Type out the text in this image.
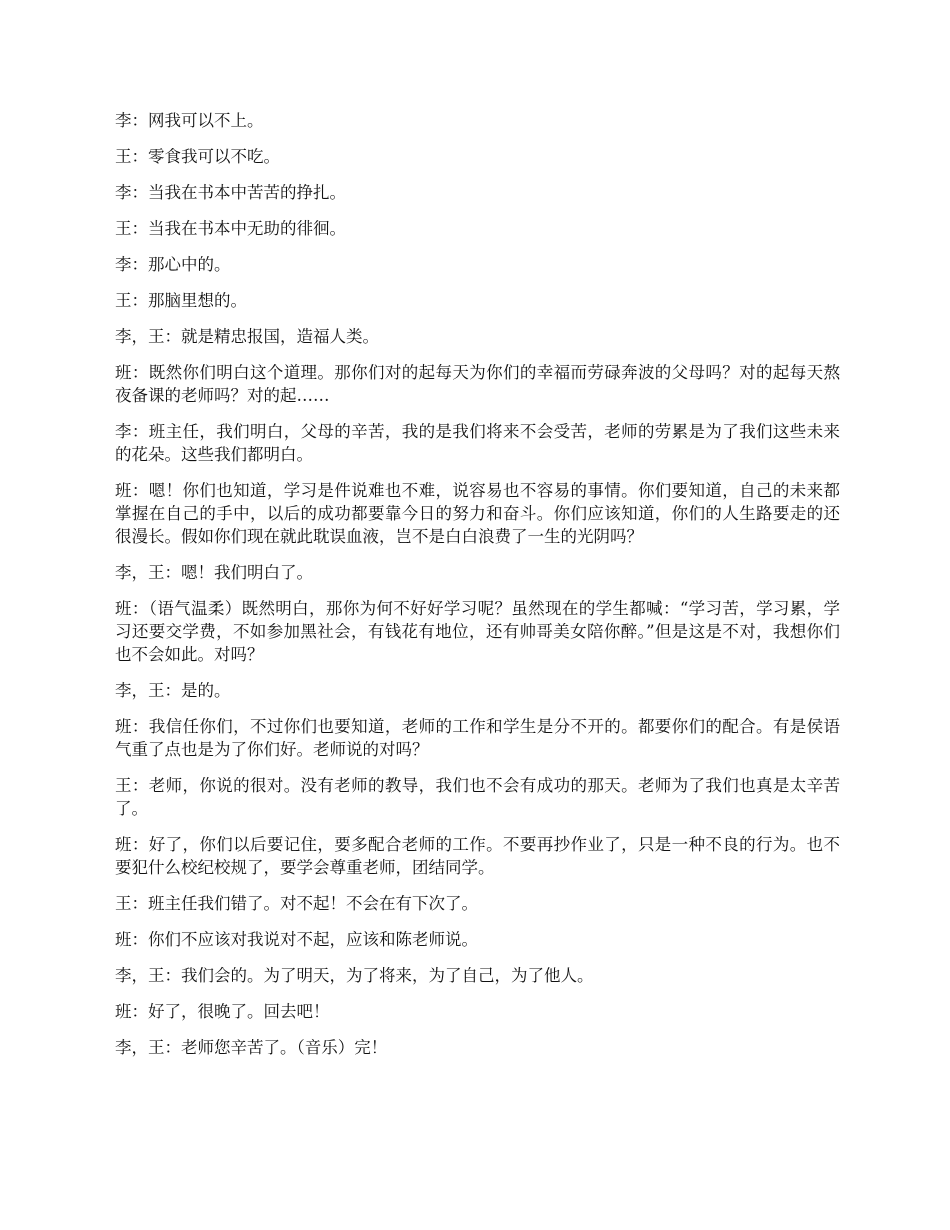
李：网我可以不上。

王：零食我可以不吃。

李：当我在书本中苦苦的挣扎。

王：当我在书本中无助的徘徊。

李：那心中的。

王：那脑里想的。

李，王：就是精忠报国，造福人类。

班：既然你们明白这个道理。那你们对的起每天为你们的幸福而劳碌奔波的父母吗？对的起每天熬夜备课的老师吗？对的起……

李：班主任，我们明白，父母的辛苦，我的是我们将来不会受苦，老师的劳累是为了我们这些未来的花朵。这些我们都明白。

班：嗯！你们也知道，学习是件说难也不难，说容易也不容易的事情。你们要知道，自己的未来都掌握在自己的手中，以后的成功都要靠今日的努力和奋斗。你们应该知道，你们的人生路要走的还很漫长。假如你们现在就此耽误血液，岂不是白白浪费了一生的光阴吗？

李，王：嗯！我们明白了。

班：（语气温柔）既然明白，那你为何不好好学习呢？虽然现在的学生都喊：“学习苦，学习累，学习还要交学费，不如参加黑社会，有钱花有地位，还有帅哥美女陪你醉。”但是这是不对，我想你们也不会如此。对吗？

李，王：是的。

班：我信任你们，不过你们也要知道，老师的工作和学生是分不开的。都要你们的配合。有是侯语气重了点也是为了你们好。老师说的对吗？

王：老师，你说的很对。没有老师的教导，我们也不会有成功的那天。老师为了我们也真是太辛苦了。

班：好了，你们以后要记住，要多配合老师的工作。不要再抄作业了，只是一种不良的行为。也不要犯什么校纪校规了，要学会尊重老师，团结同学。

王：班主任我们错了。对不起！不会在有下次了。

班：你们不应该对我说对不起，应该和陈老师说。

李，王：我们会的。为了明天，为了将来，为了自己，为了他人。

班：好了，很晚了。回去吧！

李，王：老师您辛苦了。（音乐）完！
